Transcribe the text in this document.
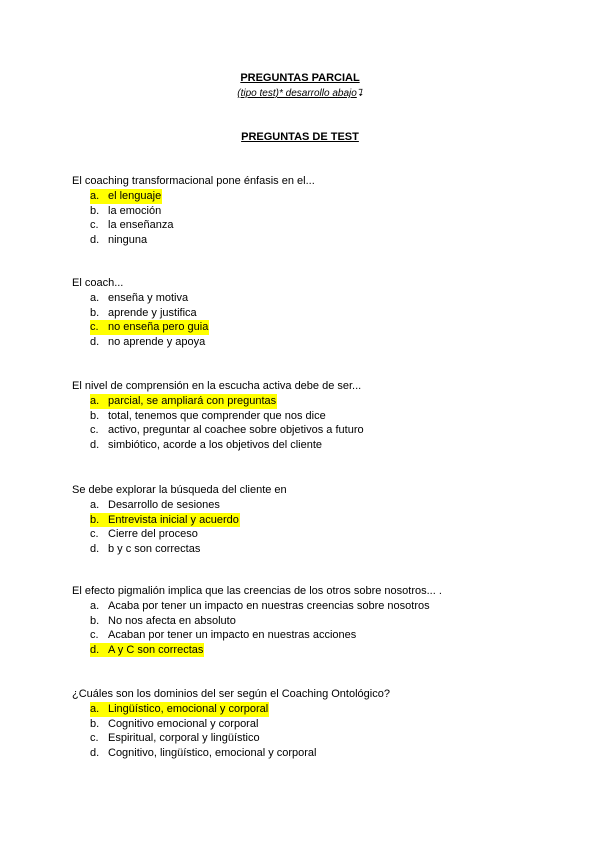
PREGUNTAS PARCIAL
(tipo test)* desarrollo abajo⮧
PREGUNTAS DE TEST
El coaching transformacional pone énfasis en el...
a. el lenguaje
b. la emoción
c. la enseñanza
d. ninguna
El coach...
a. enseña y motiva
b. aprende y justifica
c. no enseña pero guia
d. no aprende y apoya
El nivel de comprensión en la escucha activa debe de ser...
a. parcial, se ampliará con preguntas
b. total, tenemos que comprender que nos dice
c. activo, preguntar al coachee sobre objetivos a futuro
d. simbiótico, acorde a los objetivos del cliente
Se debe explorar la búsqueda del cliente en
a. Desarrollo de sesiones
b. Entrevista inicial y acuerdo
c. Cierre del proceso
d. b y c son correctas
El efecto pigmalión implica que las creencias de los otros sobre nosotros... .
a. Acaba por tener un impacto en nuestras creencias sobre nosotros
b. No nos afecta en absoluto
c. Acaban por tener un impacto en nuestras acciones
d. A y C son correctas
¿Cuáles son los dominios del ser según el Coaching Ontológico?
a. Lingüístico, emocional y corporal
b. Cognitivo emocional y corporal
c. Espiritual, corporal y lingüístico
d. Cognitivo, lingüístico, emocional y corporal
